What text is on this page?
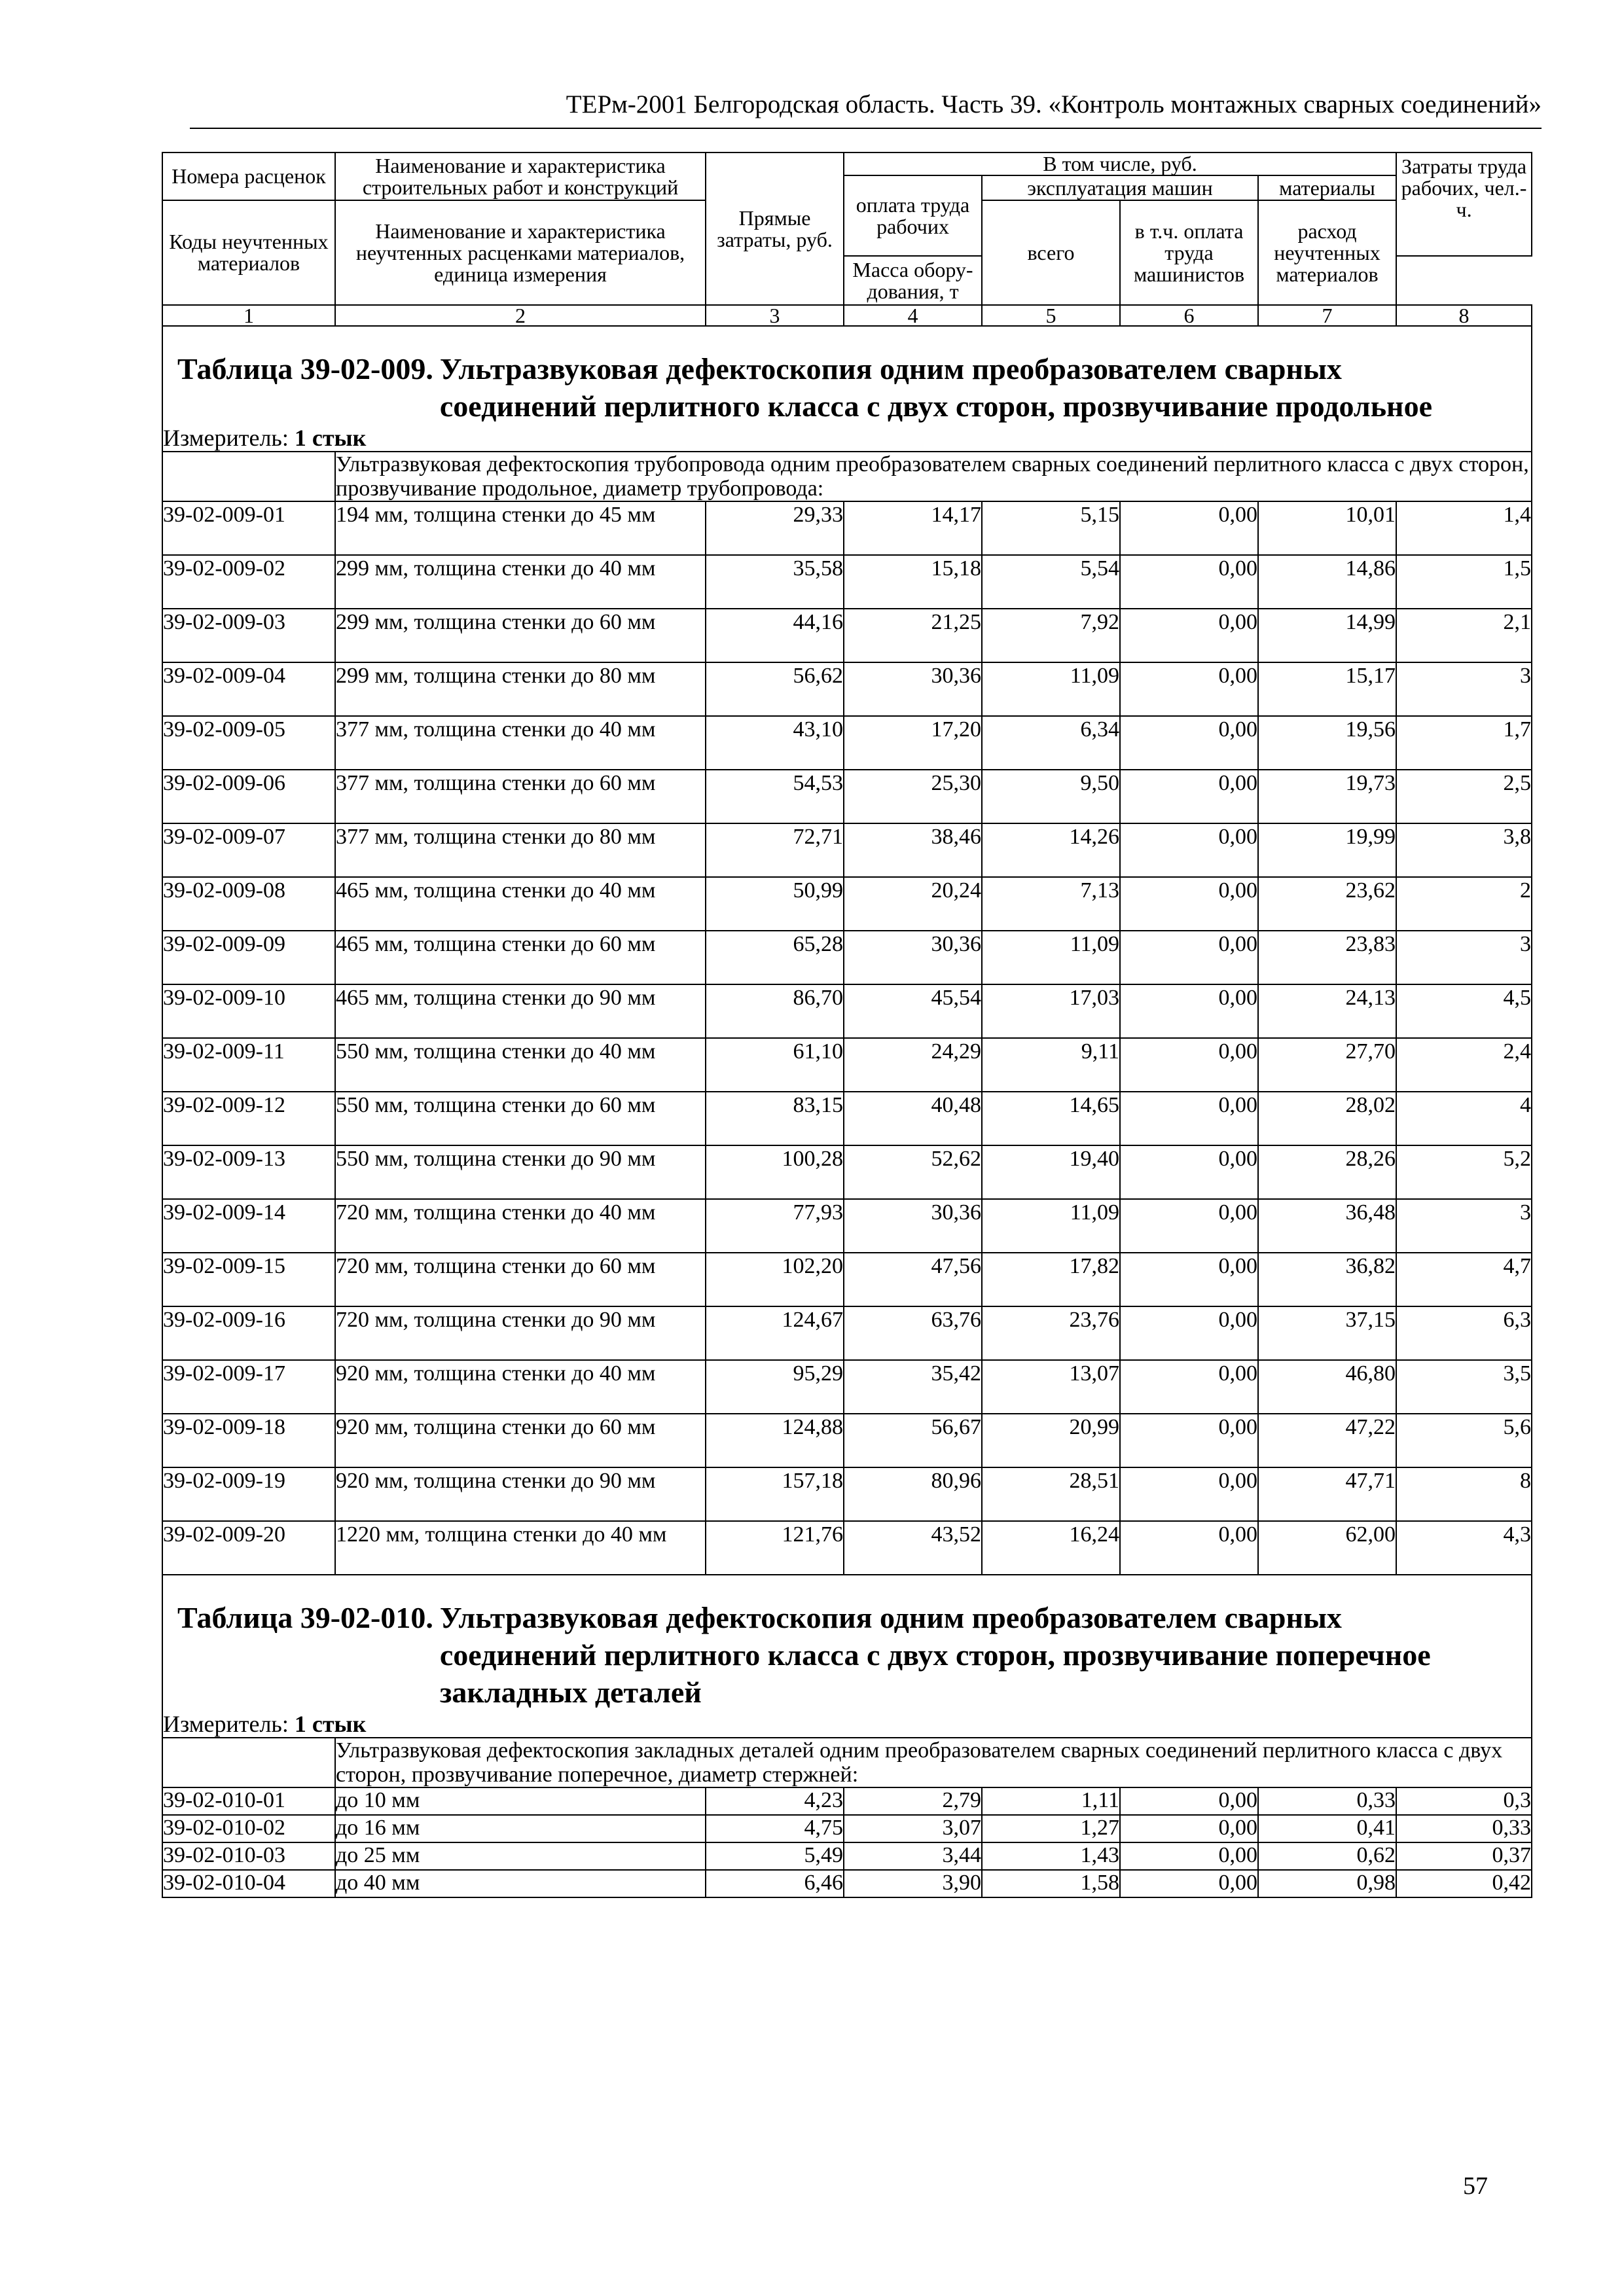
ТЕРм-2001 Белгородская область. Часть 39. «Контроль монтажных сварных соединений»
Номера расценок	Наименование и характеристика строительных работ и конструкций	Прямые затраты, руб.	В том числе, руб.				Затраты труда рабочих, чел.-ч.
			оплата труда рабочих	эксплуатация машин		материалы	
Коды неучтенных материалов	Наименование и характеристика неучтенных расценками материалов, единица измерения			всего	в т.ч. оплата труда машинистов	расход неучтенных материалов	

			Масса обору-дования, т				
1	2	3	4	5	6	7	8

Таблица 39-02-009. Ультразвуковая дефектоскопия одним преобразователем сварных соединений перлитного класса с двух сторон, прозвучивание продольное							

Измеритель: 1 стык							
	Ультразвуковая дефектоскопия трубопровода одним преобразователем сварных соединений перлитного класса с двух сторон, прозвучивание продольное, диаметр трубопровода:						
39-02-009-01	194 мм, толщина стенки до 45 мм	29,33	14,17	5,15	0,00	10,01	1,4
39-02-009-02	299 мм, толщина стенки до 40 мм	35,58	15,18	5,54	0,00	14,86	1,5
39-02-009-03	299 мм, толщина стенки до 60 мм	44,16	21,25	7,92	0,00	14,99	2,1
39-02-009-04	299 мм, толщина стенки до 80 мм	56,62	30,36	11,09	0,00	15,17	3
39-02-009-05	377 мм, толщина стенки до 40 мм	43,10	17,20	6,34	0,00	19,56	1,7
39-02-009-06	377 мм, толщина стенки до 60 мм	54,53	25,30	9,50	0,00	19,73	2,5
39-02-009-07	377 мм, толщина стенки до 80 мм	72,71	38,46	14,26	0,00	19,99	3,8
39-02-009-08	465 мм, толщина стенки до 40 мм	50,99	20,24	7,13	0,00	23,62	2
39-02-009-09	465 мм, толщина стенки до 60 мм	65,28	30,36	11,09	0,00	23,83	3
39-02-009-10	465 мм, толщина стенки до 90 мм	86,70	45,54	17,03	0,00	24,13	4,5
39-02-009-11	550 мм, толщина стенки до 40 мм	61,10	24,29	9,11	0,00	27,70	2,4
39-02-009-12	550 мм, толщина стенки до 60 мм	83,15	40,48	14,65	0,00	28,02	4
39-02-009-13	550 мм, толщина стенки до 90 мм	100,28	52,62	19,40	0,00	28,26	5,2
39-02-009-14	720 мм, толщина стенки до 40 мм	77,93	30,36	11,09	0,00	36,48	3
39-02-009-15	720 мм, толщина стенки до 60 мм	102,20	47,56	17,82	0,00	36,82	4,7
39-02-009-16	720 мм, толщина стенки до 90 мм	124,67	63,76	23,76	0,00	37,15	6,3
39-02-009-17	920 мм, толщина стенки до 40 мм	95,29	35,42	13,07	0,00	46,80	3,5
39-02-009-18	920 мм, толщина стенки до 60 мм	124,88	56,67	20,99	0,00	47,22	5,6
39-02-009-19	920 мм, толщина стенки до 90 мм	157,18	80,96	28,51	0,00	47,71	8
39-02-009-20	1220 мм, толщина стенки до 40 мм	121,76	43,52	16,24	0,00	62,00	4,3

Таблица 39-02-010. Ультразвуковая дефектоскопия одним преобразователем сварных соединений перлитного класса с двух сторон, прозвучивание поперечное закладных деталей							

Измеритель: 1 стык							
	Ультразвуковая дефектоскопия закладных деталей одним преобразователем сварных соединений перлитного класса с двух сторон, прозвучивание поперечное, диаметр стержней:						
39-02-010-01	до 10 мм	4,23	2,79	1,11	0,00	0,33	0,3
39-02-010-02	до 16 мм	4,75	3,07	1,27	0,00	0,41	0,33
39-02-010-03	до 25 мм	5,49	3,44	1,43	0,00	0,62	0,37
39-02-010-04	до 40 мм	6,46	3,90	1,58	0,00	0,98	0,42
57
